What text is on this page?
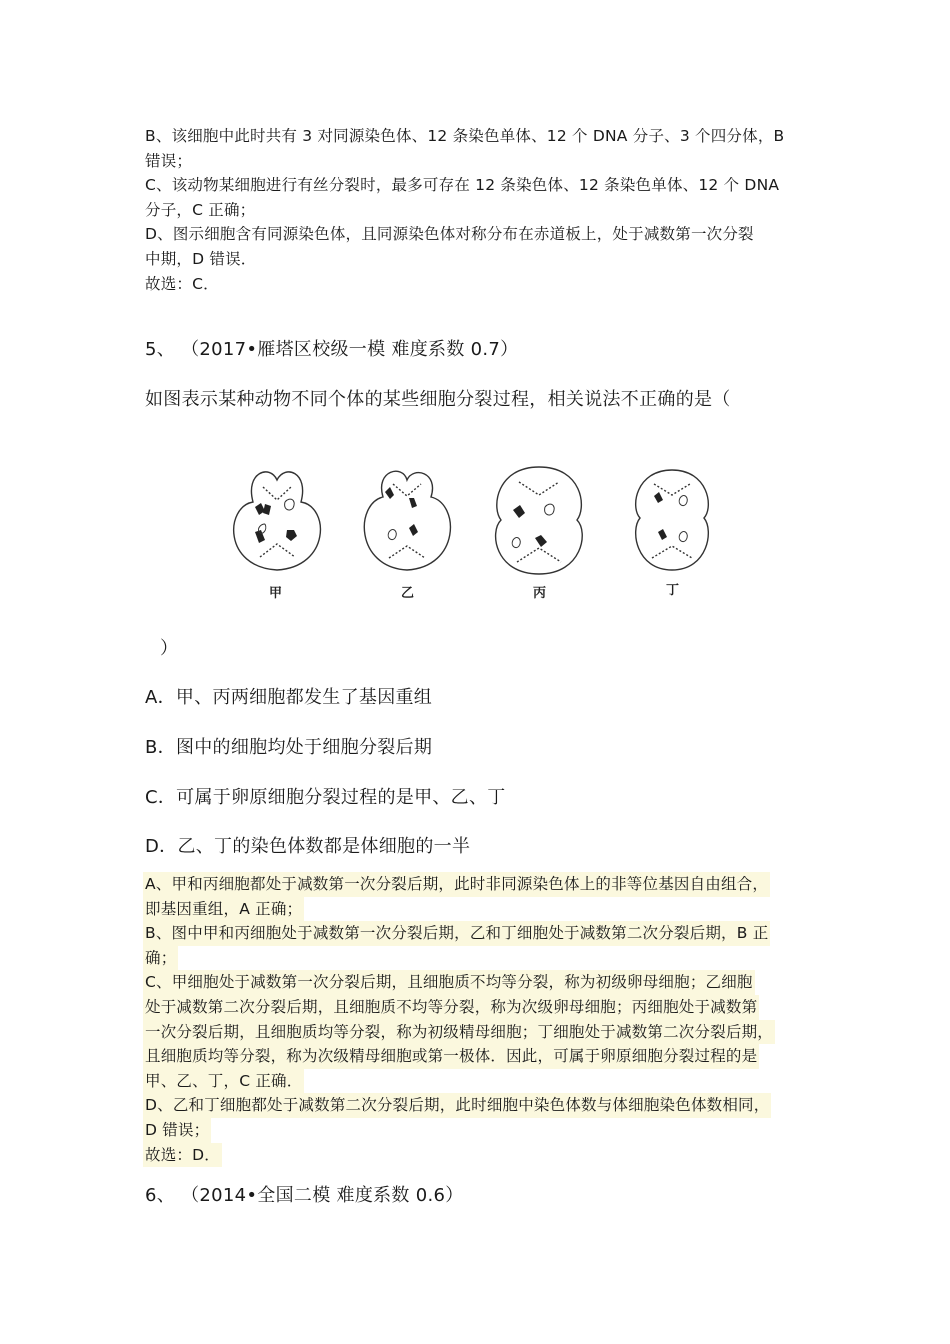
B、该细胞中此时共有 3 对同源染色体、12 条染色单体、12 个 DNA 分子、3 个四分体，B
错误；
C、该动物某细胞进行有丝分裂时，最多可存在 12 条染色体、12 条染色单体、12 个 DNA
分子，C 正确；
D、图示细胞含有同源染色体，且同源染色体对称分布在赤道板上，处于减数第一次分裂
中期，D 错误．
故选：C．
5、 （2017•雁塔区校级一模 难度系数 0.7）
如图表示某种动物不同个体的某些细胞分裂过程，相关说法不正确的是（
甲	乙	丙	丁
）
A．甲、丙两细胞都发生了基因重组
B．图中的细胞均处于细胞分裂后期
C．可属于卵原细胞分裂过程的是甲、乙、丁
D．乙、丁的染色体数都是体细胞的一半
A、甲和丙细胞都处于减数第一次分裂后期，此时非同源染色体上的非等位基因自由组合，
即基因重组，A 正确；
B、图中甲和丙细胞处于减数第一次分裂后期，乙和丁细胞处于减数第二次分裂后期，B 正
确；
C、甲细胞处于减数第一次分裂后期，且细胞质不均等分裂，称为初级卵母细胞；乙细胞
处于减数第二次分裂后期，且细胞质不均等分裂，称为次级卵母细胞；丙细胞处于减数第
一次分裂后期，且细胞质均等分裂，称为初级精母细胞；丁细胞处于减数第二次分裂后期，
且细胞质均等分裂，称为次级精母细胞或第一极体．因此，可属于卵原细胞分裂过程的是
甲、乙、丁，C 正确．
D、乙和丁细胞都处于减数第二次分裂后期，此时细胞中染色体数与体细胞染色体数相同，
D 错误；
故选：D．
6、 （2014•全国二模 难度系数 0.6）
